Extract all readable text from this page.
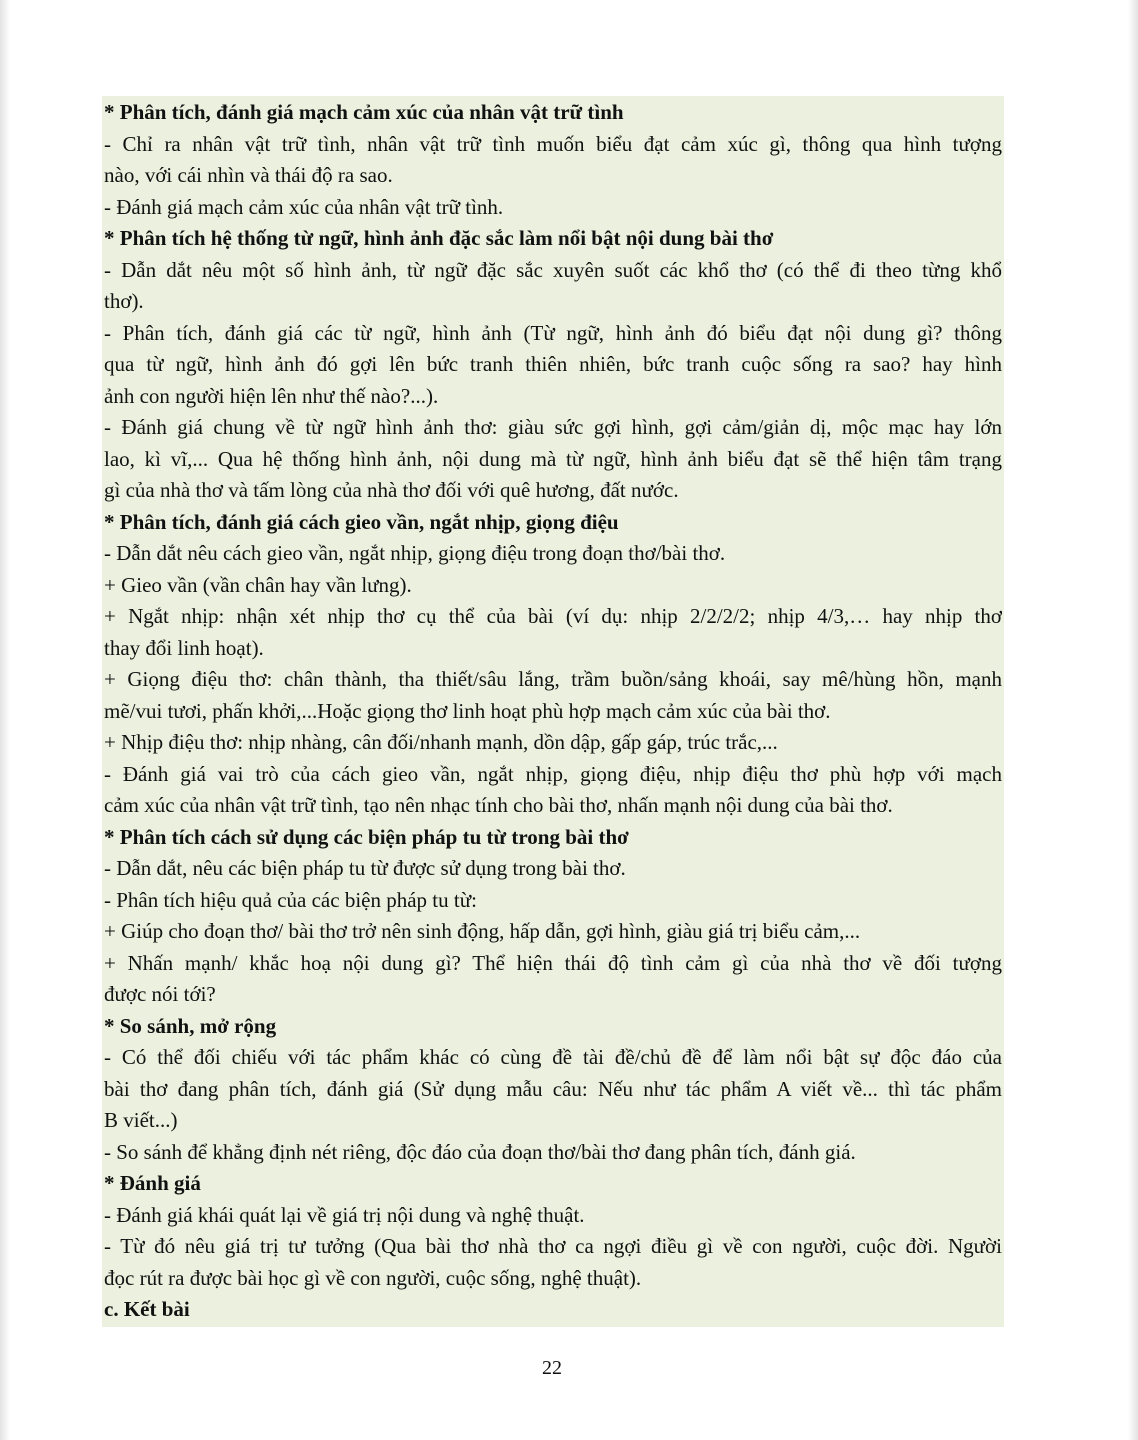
* Phân tích, đánh giá mạch cảm xúc của nhân vật trữ tình
- Chỉ ra nhân vật trữ tình, nhân vật trữ tình muốn biểu đạt cảm xúc gì, thông qua hình tượng
nào, với cái nhìn và thái độ ra sao.
- Đánh giá mạch cảm xúc của nhân vật trữ tình.
* Phân tích hệ thống từ ngữ, hình ảnh đặc sắc làm nổi bật nội dung bài thơ
- Dẫn dắt nêu một số hình ảnh, từ ngữ đặc sắc xuyên suốt các khổ thơ (có thể đi theo từng khổ
thơ).
- Phân tích, đánh giá các từ ngữ, hình ảnh (Từ ngữ, hình ảnh đó biểu đạt nội dung gì? thông
qua từ ngữ, hình ảnh đó gợi lên bức tranh thiên nhiên, bức tranh cuộc sống ra sao? hay hình
ảnh con người hiện lên như thế nào?...).
- Đánh giá chung về từ ngữ hình ảnh thơ: giàu sức gợi hình, gợi cảm/giản dị, mộc mạc hay lớn
lao, kì vĩ,... Qua hệ thống hình ảnh, nội dung mà từ ngữ, hình ảnh biểu đạt sẽ thể hiện tâm trạng
gì của nhà thơ và tấm lòng của nhà thơ đối với quê hương, đất nước.
* Phân tích, đánh giá cách gieo vần, ngắt nhịp, giọng điệu
- Dẫn dắt nêu cách gieo vần, ngắt nhịp, giọng điệu trong đoạn thơ/bài thơ.
+ Gieo vần (vần chân hay vần lưng).
+ Ngắt nhịp: nhận xét nhịp thơ cụ thể của bài (ví dụ: nhịp 2/2/2/2; nhịp 4/3,… hay nhịp thơ
thay đổi linh hoạt).
+ Giọng điệu thơ: chân thành, tha thiết/sâu lắng, trầm buồn/sảng khoái, say mê/hùng hồn, mạnh
mẽ/vui tươi, phấn khởi,...Hoặc giọng thơ linh hoạt phù hợp mạch cảm xúc của bài thơ.
+ Nhịp điệu thơ: nhịp nhàng, cân đối/nhanh mạnh, dồn dập, gấp gáp, trúc trắc,...
- Đánh giá vai trò của cách gieo vần, ngắt nhịp, giọng điệu, nhịp điệu thơ phù hợp với mạch
cảm xúc của nhân vật trữ tình, tạo nên nhạc tính cho bài thơ, nhấn mạnh nội dung của bài thơ.
* Phân tích cách sử dụng các biện pháp tu từ trong bài thơ
- Dẫn dắt, nêu các biện pháp tu từ được sử dụng trong bài thơ.
- Phân tích hiệu quả của các biện pháp tu từ:
+ Giúp cho đoạn thơ/ bài thơ trở nên sinh động, hấp dẫn, gợi hình, giàu giá trị biểu cảm,...
+ Nhấn mạnh/ khắc hoạ nội dung gì? Thể hiện thái độ tình cảm gì của nhà thơ về đối tượng
được nói tới?
* So sánh, mở rộng
- Có thể đối chiếu với tác phẩm khác có cùng đề tài đề/chủ đề để làm nổi bật sự độc đáo của
bài thơ đang phân tích, đánh giá (Sử dụng mẫu câu: Nếu như tác phẩm A viết về... thì tác phẩm
B viết...)
- So sánh để khẳng định nét riêng, độc đáo của đoạn thơ/bài thơ đang phân tích, đánh giá.
* Đánh giá
- Đánh giá khái quát lại về giá trị nội dung và nghệ thuật.
- Từ đó nêu giá trị tư tưởng (Qua bài thơ nhà thơ ca ngợi điều gì về con người, cuộc đời. Người
đọc rút ra được bài học gì về con người, cuộc sống, nghệ thuật).
c. Kết bài
22
